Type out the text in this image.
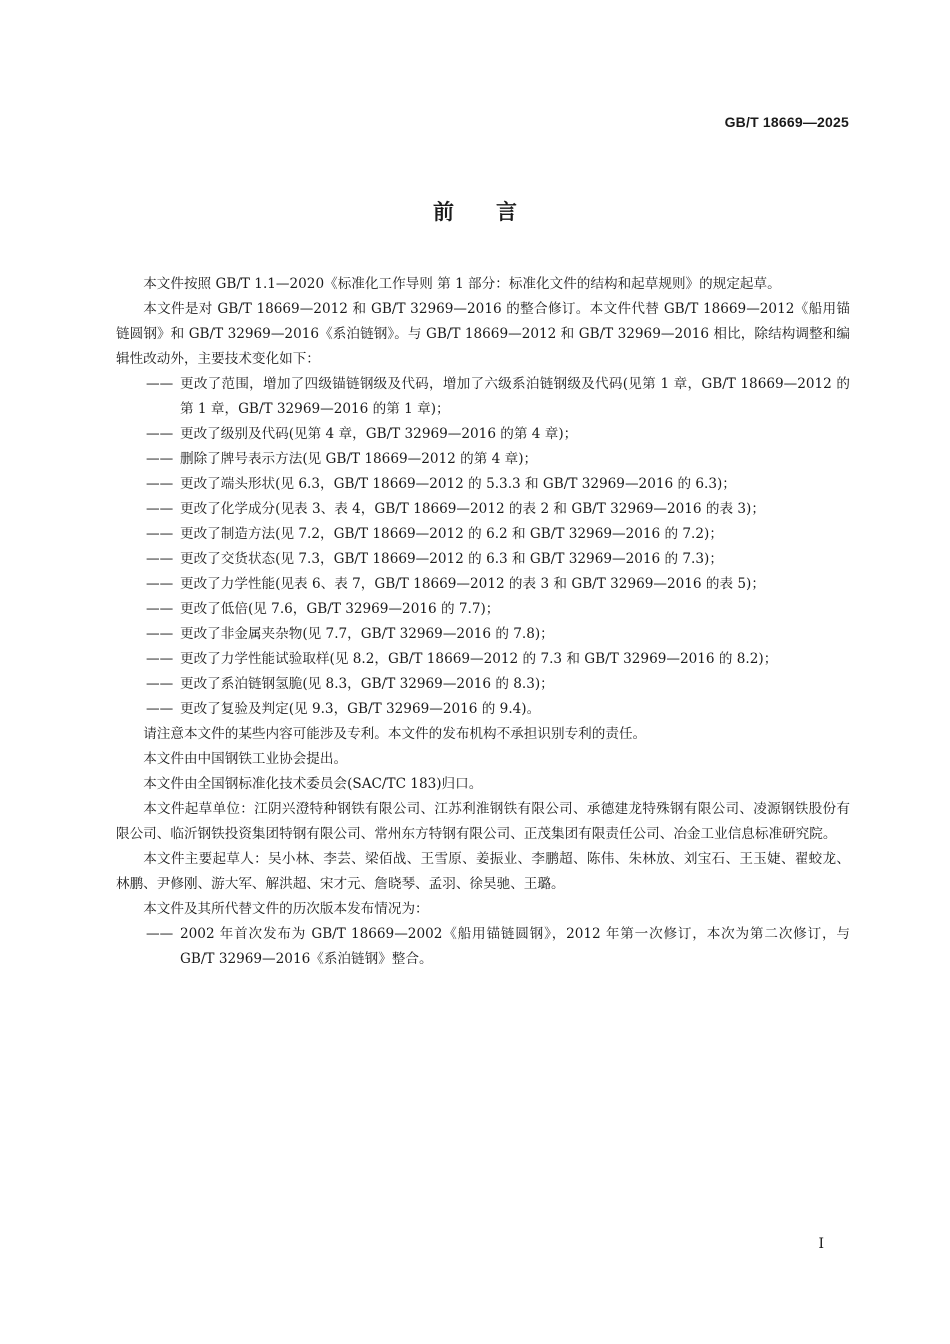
GB/T 18669—2025
前 言

本文件按照 GB/T 1.1—2020《标准化工作导则 第 1 部分：标准化文件的结构和起草规则》的规定起草。

本文件是对 GB/T 18669—2012 和 GB/T 32969—2016 的整合修订。本文件代替 GB/T 18669—2012《船用锚链圆钢》和 GB/T 32969—2016《系泊链钢》。与 GB/T 18669—2012 和 GB/T 32969—2016 相比，除结构调整和编辑性改动外，主要技术变化如下：

—— 更改了范围，增加了四级锚链钢级及代码，增加了六级系泊链钢级及代码(见第 1 章，GB/T 18669—2012 的第 1 章，GB/T 32969—2016 的第 1 章)；

—— 更改了级别及代码(见第 4 章，GB/T 32969—2016 的第 4 章)；

—— 删除了牌号表示方法(见 GB/T 18669—2012 的第 4 章)；

—— 更改了端头形状(见 6.3，GB/T 18669—2012 的 5.3.3 和 GB/T 32969—2016 的 6.3)；

—— 更改了化学成分(见表 3、表 4，GB/T 18669—2012 的表 2 和 GB/T 32969—2016 的表 3)；

—— 更改了制造方法(见 7.2，GB/T 18669—2012 的 6.2 和 GB/T 32969—2016 的 7.2)；

—— 更改了交货状态(见 7.3，GB/T 18669—2012 的 6.3 和 GB/T 32969—2016 的 7.3)；

—— 更改了力学性能(见表 6、表 7，GB/T 18669—2012 的表 3 和 GB/T 32969—2016 的表 5)；

—— 更改了低倍(见 7.6，GB/T 32969—2016 的 7.7)；

—— 更改了非金属夹杂物(见 7.7，GB/T 32969—2016 的 7.8)；

—— 更改了力学性能试验取样(见 8.2，GB/T 18669—2012 的 7.3 和 GB/T 32969—2016 的 8.2)；

—— 更改了系泊链钢氢脆(见 8.3，GB/T 32969—2016 的 8.3)；

—— 更改了复验及判定(见 9.3，GB/T 32969—2016 的 9.4)。

请注意本文件的某些内容可能涉及专利。本文件的发布机构不承担识别专利的责任。

本文件由中国钢铁工业协会提出。

本文件由全国钢标准化技术委员会(SAC/TC 183)归口。

本文件起草单位：江阴兴澄特种钢铁有限公司、江苏利淮钢铁有限公司、承德建龙特殊钢有限公司、凌源钢铁股份有限公司、临沂钢铁投资集团特钢有限公司、常州东方特钢有限公司、正茂集团有限责任公司、冶金工业信息标准研究院。

本文件主要起草人：吴小林、李芸、梁佰战、王雪原、姜振业、李鹏超、陈伟、朱林放、刘宝石、王玉婕、翟蛟龙、林鹏、尹修刚、游大军、解洪超、宋才元、詹晓琴、孟羽、徐昊驰、王璐。

本文件及其所代替文件的历次版本发布情况为：

—— 2002 年首次发布为 GB/T 18669—2002《船用锚链圆钢》，2012 年第一次修订，本次为第二次修订，与 GB/T 32969—2016《系泊链钢》整合。

I
